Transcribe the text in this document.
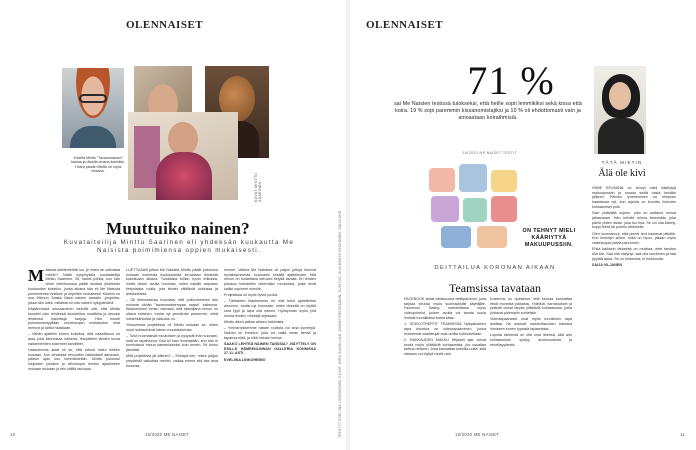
OLENNAISET
Yhdellä Minttu "Tavanomainen" haluaa ja olisella omana itsenään. Yhden päivän Minttu oli myös kissana.
KUVAT MINTTU SAARINEN
Muuttuiko nainen?
Kuvataiteilija Minttu Saarinen eli yhdeksän kuukautta Me Naisista poimimiensa oppien mukaisesti.

Maisista naistenlehtiä luo, je miten se vaikuttaa meihin? Näitä kysymyksiä kuvataiteilija Minttu Saarinen, 35, halusi pohtia, kun hän viime helmikuussa päätti aloittaa yhdeksän kuukauden kokeilun, jonka aikana hän eli Me Naisista poimimiensa vinkkien ja ohjeiden mukaisesti. Kokeilu on osa Minnun Saaka illava naisen tanssiin -projektia, jossa hän tutkii, millaista on olla nainen nykypäivänä.

Käytännössä seuraaminen tarkoitti sitä, että Minttu kuunteli vain lehdessä suositeltua musiikkia ja seurasi lehdessä mainittuja sarjoja. Hän muutti pukeutumistyyliään muotisivujen mukaiseksi, eikä mennyt ja laittoi hiuksiaan.

– Vähän ajattelin ennen kokeilua, että naisellisuus on asia, joka kiinnostaa naisena. Harjoittelin lähden kuvia naistenlehtien kokeneet tavoitteet.

Hassuimmat asiat oli se, että elämä hoitui lehtien mukaan. Kun lehdessä neuvottiin viisikkäästi aamuisin, pääsin ajan kun lemmikkieläin. Minttu pukeutui lukijoiden juhlakin ja viikonloput lehden ajatukseen mukaan mukaan ja teki välillä lauluista.

LUETTUAAN juttua Me Naisista Minttu päätti pukeutua mukaan kolmesta kuukaudesta kerrallaan lehdestä kokeiluaan aikana. Tuloksista tulikin hyvin erikoisia, mutta niiden avulla huomasi, miten naisille tarjotaan tietynlaista roolia, jota lehdet välittävät uutisissa ja artikkeleissa.

– Oli kiinnostavaa huomata, että pukeutuminen teki minusta vähän "tavanomaisempaa naista" kaikessa. Aikaisemmin tunsin vahvasti, että taiteilijana minun on oltava erilainen, mutta nyt ymmärrän paremmin, mikä mielenkiintoista ja vaikutus on.

Ylisuuressa projektissa oli Minttu mukaan se, miten muut suhtautuivat hänen muutokseensa.

– Tutut huomasivat muutoksen ja kysyivät ihan suoraan, mitä on tapahtunut. Osa oli ihan ihmeissään, kun hän ei tunnistanut minua samanlaiseksi kuin ennen. Se tuntui jännältä.

Mitä projektista jäi käteen? – Ehkäpä sen, miten paljon ympäristö vaikuttaa meihin, vaikka emme sitä itse aina huomaa.

lemme. Vaikka Me Naisissa oli paljon juttuja itsensä hyväksymisestä, huomasin kesällä ajattelevani, että minun on hoidettava kehoani tietyllä tavalla. Eri lehden jutuissa kehotettiin tekemään muutoksia, jotka eivät kaikki sopineet minulle.

Projektissa oli myös hyviä puolia.

– Tällaiseen tilanteeseen en olisi tullut ajatelleeksi aiemmin, mutta nyt huomaan, miten tärkeää on löytää oma tyyli ja tapa olla nainen. Hyödynnän myös yhä monia lehden vinkkejä arjessani.

Minttu aikoo jatkaa aiheen tutkimista.

– Ymmärryksemme naisen roolista voi aina syventyä. Nainen on ihminen, joka voi valita oman tiensä ja tapansa elää, ja siitä halusin kertoa.

SAAKO LEHTEÄ NAINEN TANSSIA? -NÄYTTELY ON ESILLÄ HÄMEENLINNAN GALLERIA KONNISSA 27.11. ASTI.

EVELIINA LINKOHEIMO

10	15/2020 ME NAISET	TEKSTIT: EVELIINA LINKOHEIMO, KUVAT: MIRA SUNDLUND, KIMMO GRESEMANN, KUVITUS: SUVIMARJA KEKKONEN, SAIJA AHO
OLENNAISET
71 %
sai Me Naisten testissä tulokseksi, että heille sopii lemmikiksi sekä kissa että koira. 19 % sopi paremmin kissanomistajiksi ja 10 % oli ehdottomasti vain ja ainoastaan koiraihmisiä.
15/2020 ME NAISET TESTIT
DEITTAILUA KORONAN AIKAAN
Teamsissa tavataan

FACEBOOK avasi lokakuussa deittipalvelun, joka tarjoaa seuraa myös suomalaisille käyttäjille. Facebook Dating mahdollistaa myös videopuhelut, joiden avulla voi tavata uusia ihmisiä turvallisesti kotoa käsin.

1. SOKKOTREFFIT TEAMSISSA Nykyaikainen tapa tutustua on videotapaaminen, jossa molemmat osallistujat ovat omilla kotisohvillaan.

2. RAKKAUDEN MAKKU Hiljaiset ajat voivat tuoda myös yllättäviä kohtaamisia, jos uskaltaa tarttua hetkeen. Aina kannattaa kokeilla uutta, sillä rakkaus voi löytyä mistä vain.

Kokemus on opettanut, että seuraa kannattaa etsiä monesta paikasta. Yhteisöt, harrastukset ja ystävät voivat tarjota yllättäviä kohtaamisia, jotka johtavat pidempiin suhteisiin.

Videotapaamiset ovat myös turvallinen tapa aloittaa. Ne antavat mahdollisuuden tutustua ihmiseen ennen fyysistä tapaamista.

Lopulta tärkeintä on olla oma itsensä, sillä aito kohtaaminen syntyy avoimuudesta ja rehellisyydestä.

TÄTÄ MIETIN
Älä ole kivi
ON TEHNYT MIELI KÄÄRIYTYÄ MAKUUPUSSIIN.

VIIME KEVÄÄNÄ on tehnyt mieli kääriytyä makuupussiin ja nousta sieltä vasta kevään jälkeen. Päivien lyheneminen on erityisen haastavaa nyt, kun arjesta on kuorittu ihmisten kohtaamiset pois.

Sain ystävältä ohjeen, joka on auttanut minua jaksamaan. Hän kehotti minua tekemään joka päivä yhden asian, joka tuo iloa. Se voi olla kävely, kuppi teetä tai puhelu läheiselle.

Olen huomannut, että pienet teot kantavat pitkälle. Kun keskityn siihen, mikä on hyvin, jaksan myös vaikeampia päiviä paremmin.

Ehkä kaikkein tärkeintä on muistaa, ettei tarvitse olla kivi. Saa olla väsynyt, saa olla surullinen ja saa pyytää apua. Se on rohkeutta, ei heikkoutta.

SAIJA VILJANEN

15/2020 ME NAISET	11
